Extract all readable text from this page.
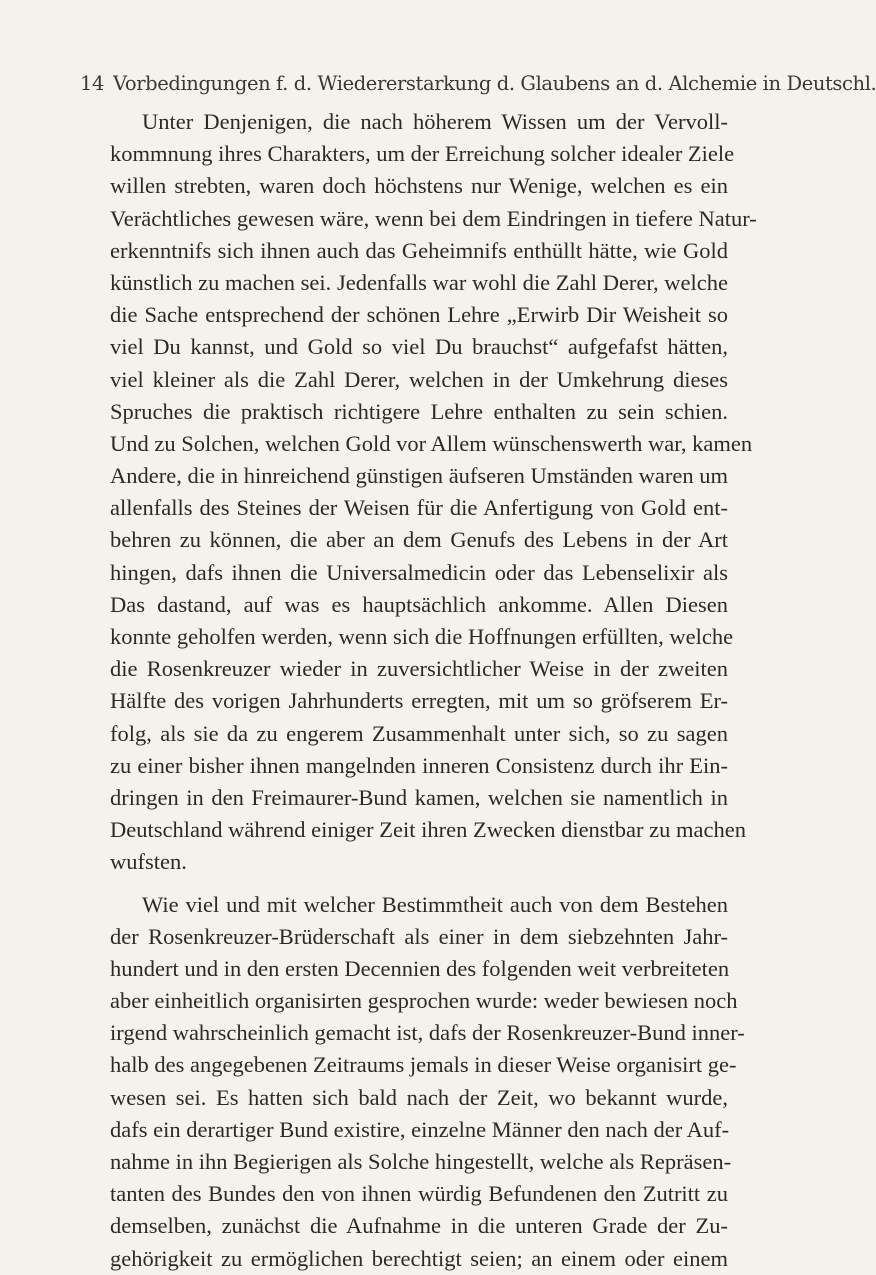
14 Vorbedingungen f. d. Wiedererstarkung d. Glaubens an d. Alchemie in Deutschl.
Unter Denjenigen, die nach höherem Wissen um der Vervoll-
kommnung ihres Charakters, um der Erreichung solcher idealer Ziele
willen strebten, waren doch höchstens nur Wenige, welchen es ein
Verächtliches gewesen wäre, wenn bei dem Eindringen in tiefere Natur-
erkenntnifs sich ihnen auch das Geheimnifs enthüllt hätte, wie Gold
künstlich zu machen sei. Jedenfalls war wohl die Zahl Derer, welche
die Sache entsprechend der schönen Lehre „Erwirb Dir Weisheit so
viel Du kannst, und Gold so viel Du brauchst“ aufgefafst hätten,
viel kleiner als die Zahl Derer, welchen in der Umkehrung dieses
Spruches die praktisch richtigere Lehre enthalten zu sein schien.
Und zu Solchen, welchen Gold vor Allem wünschenswerth war, kamen
Andere, die in hinreichend günstigen äufseren Umständen waren um
allenfalls des Steines der Weisen für die Anfertigung von Gold ent-
behren zu können, die aber an dem Genufs des Lebens in der Art
hingen, dafs ihnen die Universalmedicin oder das Lebenselixir als
Das dastand, auf was es hauptsächlich ankomme. Allen Diesen
konnte geholfen werden, wenn sich die Hoffnungen erfüllten, welche
die Rosenkreuzer wieder in zuversichtlicher Weise in der zweiten
Hälfte des vorigen Jahrhunderts erregten, mit um so gröfserem Er-
folg, als sie da zu engerem Zusammenhalt unter sich, so zu sagen
zu einer bisher ihnen mangelnden inneren Consistenz durch ihr Ein-
dringen in den Freimaurer-Bund kamen, welchen sie namentlich in
Deutschland während einiger Zeit ihren Zwecken dienstbar zu machen
wufsten.
Wie viel und mit welcher Bestimmtheit auch von dem Bestehen
der Rosenkreuzer-Brüderschaft als einer in dem siebzehnten Jahr-
hundert und in den ersten Decennien des folgenden weit verbreiteten
aber einheitlich organisirten gesprochen wurde: weder bewiesen noch
irgend wahrscheinlich gemacht ist, dafs der Rosenkreuzer-Bund inner-
halb des angegebenen Zeitraums jemals in dieser Weise organisirt ge-
wesen sei. Es hatten sich bald nach der Zeit, wo bekannt wurde,
dafs ein derartiger Bund existire, einzelne Männer den nach der Auf-
nahme in ihn Begierigen als Solche hingestellt, welche als Repräsen-
tanten des Bundes den von ihnen würdig Befundenen den Zutritt zu
demselben, zunächst die Aufnahme in die unteren Grade der Zu-
gehörigkeit zu ermöglichen berechtigt seien; an einem oder einem
